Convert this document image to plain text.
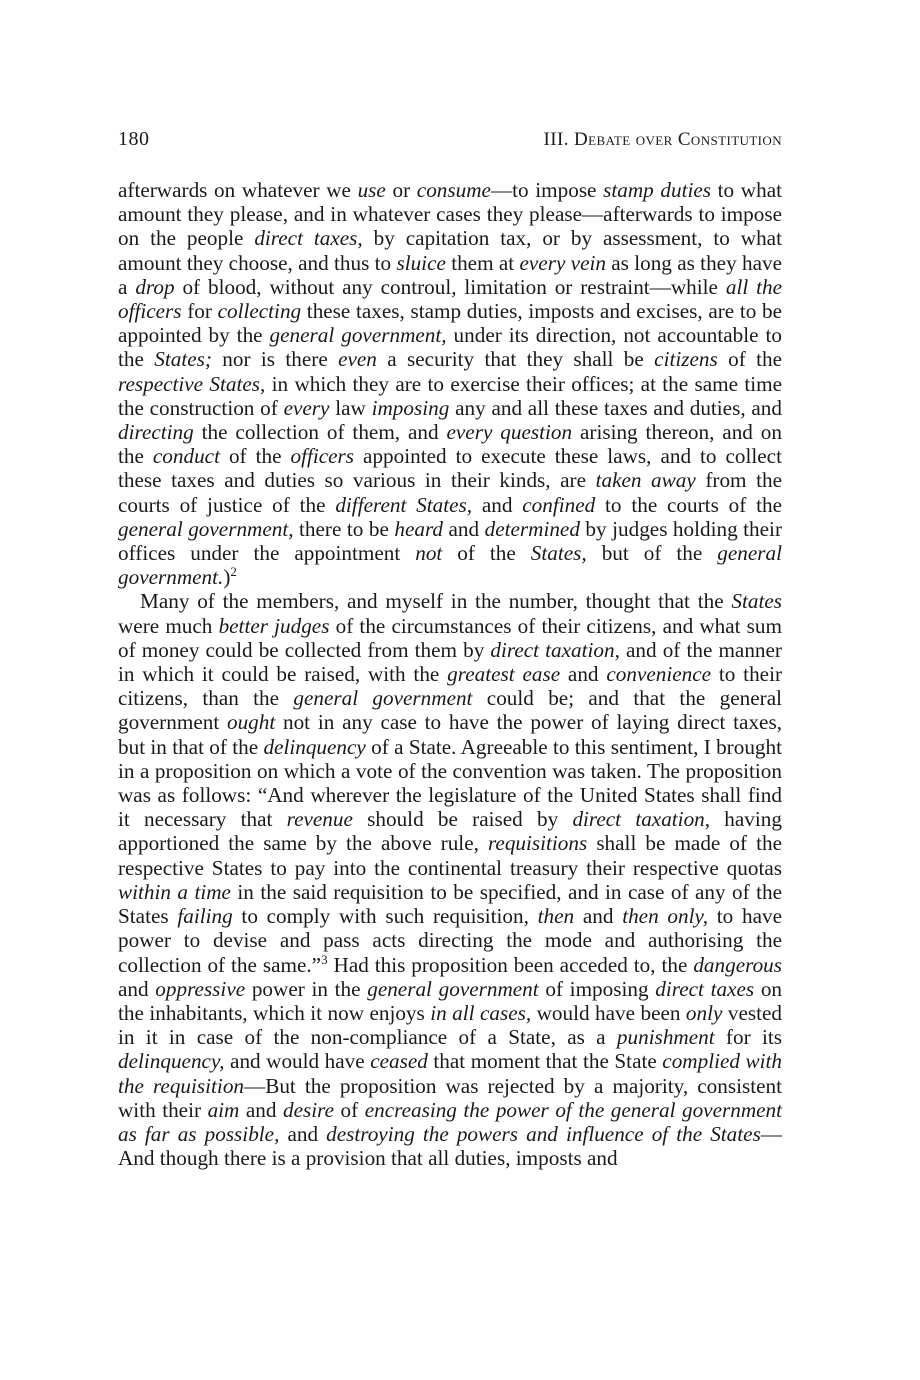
180	III. Debate over Constitution

afterwards on whatever we use or consume—to impose stamp duties to what amount they please, and in whatever cases they please—afterwards to impose on the people direct taxes, by capitation tax, or by assessment, to what amount they choose, and thus to sluice them at every vein as long as they have a drop of blood, without any controul, limitation or restraint—while all the officers for collecting these taxes, stamp duties, imposts and excises, are to be appointed by the general government, under its direction, not accountable to the States; nor is there even a security that they shall be citizens of the respective States, in which they are to exercise their offices; at the same time the construction of every law imposing any and all these taxes and duties, and directing the collection of them, and every question arising thereon, and on the conduct of the officers appointed to execute these laws, and to collect these taxes and duties so various in their kinds, are taken away from the courts of justice of the different States, and confined to the courts of the general government, there to be heard and determined by judges holding their offices under the appointment not of the States, but of the general government.)$^2$

Many of the members, and myself in the number, thought that the States were much better judges of the circumstances of their citizens, and what sum of money could be collected from them by direct taxation, and of the manner in which it could be raised, with the greatest ease and convenience to their citizens, than the general government could be; and that the general government ought not in any case to have the power of laying direct taxes, but in that of the delinquency of a State. Agreeable to this sentiment, I brought in a proposition on which a vote of the convention was taken. The proposition was as follows: “And wherever the legislature of the United States shall find it necessary that revenue should be raised by direct taxation, having apportioned the same by the above rule, requisitions shall be made of the respective States to pay into the continental treasury their respective quotas within a time in the said requisition to be specified, and in case of any of the States failing to comply with such requisition, then and then only, to have power to devise and pass acts directing the mode and authorising the collection of the same.”$^3$ Had this proposition been acceded to, the dangerous and oppressive power in the general government of imposing direct taxes on the inhabitants, which it now enjoys in all cases, would have been only vested in it in case of the non-compliance of a State, as a punishment for its delinquency, and would have ceased that moment that the State complied with the requisition—But the proposition was rejected by a majority, consistent with their aim and desire of encreasing the power of the general government as far as possible, and destroying the powers and influence of the States—And though there is a provision that all duties, imposts and
